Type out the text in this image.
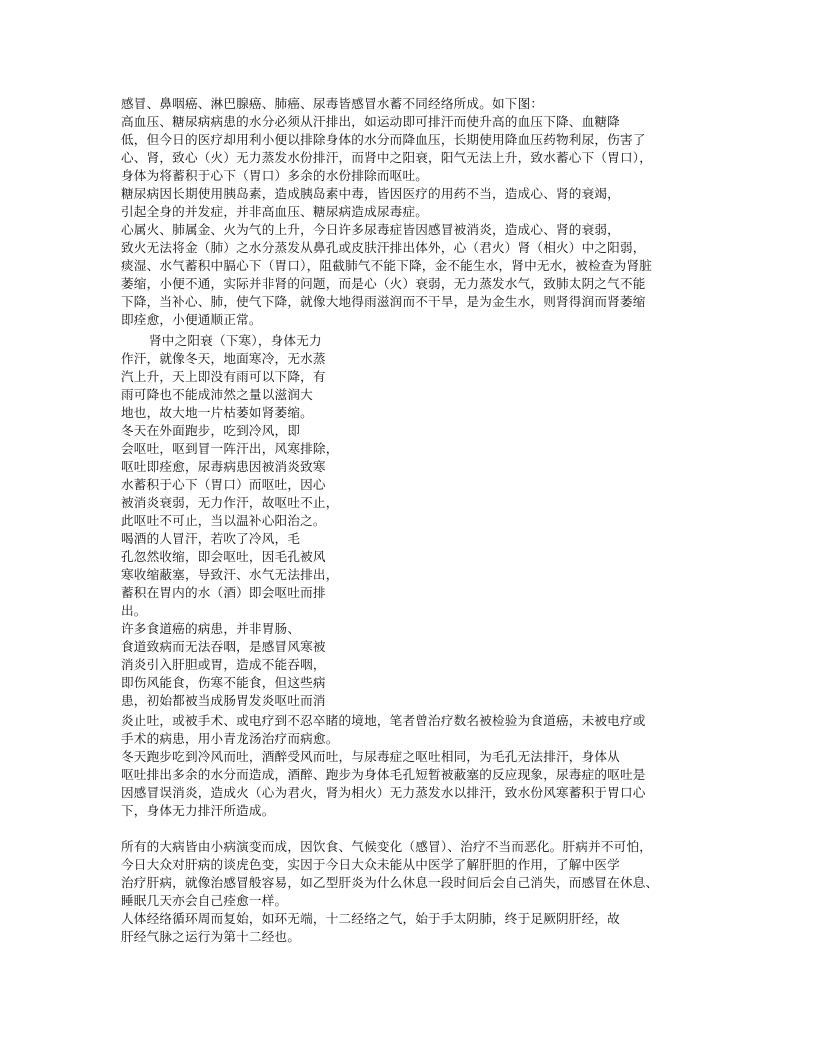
感冒、鼻咽癌、淋巴腺癌、肺癌、尿毒皆感冒水蓄不同经络所成。如下图：
高血压、糖尿病病患的水分必须从汗排出，如运动即可排汗而使升高的血压下降、血糖降
低，但今日的医疗却用利小便以排除身体的水分而降血压，长期使用降血压药物利尿，伤害了
心、肾，致心（火）无力蒸发水份排汗，而肾中之阳衰，阳气无法上升，致水蓄心下（胃口），
身体为将蓄积于心下（胃口）多余的水份排除而呕吐。
糖尿病因长期使用胰岛素，造成胰岛素中毒，皆因医疗的用药不当，造成心、肾的衰竭，
引起全身的并发症，并非高血压、糖尿病造成尿毒症。
心属火、肺属金、火为气的上升，今日许多尿毒症皆因感冒被消炎，造成心、肾的衰弱，
致火无法将金（肺）之水分蒸发从鼻孔或皮肤汗排出体外，心（君火）肾（相火）中之阳弱，
痰湿、水气蓄积中膈心下（胃口），阻截肺气不能下降，金不能生水，肾中无水，被检查为肾脏
萎缩，小便不通，实际并非肾的问题，而是心（火）衰弱，无力蒸发水气，致肺太阴之气不能
下降，当补心、肺，使气下降，就像大地得雨滋润而不干旱，是为金生水，则肾得润而肾萎缩
即痊愈，小便通顺正常。
肾中之阳衰（下寒），身体无力
作汗，就像冬天，地面寒冷，无水蒸
汽上升，天上即没有雨可以下降，有
雨可降也不能成沛然之量以滋润大
地也，故大地一片枯萎如肾萎缩。
冬天在外面跑步，吃到冷风，即
会呕吐，呕到冒一阵汗出，风寒排除，
呕吐即痊愈，尿毒病患因被消炎致寒
水蓄积于心下（胃口）而呕吐，因心
被消炎衰弱，无力作汗，故呕吐不止，
此呕吐不可止，当以温补心阳治之。
喝酒的人冒汗，若吹了冷风，毛
孔忽然收缩，即会呕吐，因毛孔被风
寒收缩蔽塞，导致汗、水气无法排出，
蓄积在胃内的水（酒）即会呕吐而排
出。
许多食道癌的病患，并非胃肠、
食道致病而无法吞咽，是感冒风寒被
消炎引入肝胆或胃，造成不能吞咽，
即伤风能食，伤寒不能食，但这些病
患，初始都被当成肠胃发炎呕吐而消
炎止吐，或被手术、或电疗到不忍卒睹的境地，笔者曾治疗数名被检验为食道癌，未被电疗或
手术的病患，用小青龙汤治疗而病愈。
冬天跑步吃到冷风而吐，酒醉受风而吐，与尿毒症之呕吐相同，为毛孔无法排汗，身体从
呕吐排出多余的水分而造成，酒醉、跑步为身体毛孔短暂被蔽塞的反应现象，尿毒症的呕吐是
因感冒误消炎，造成火（心为君火，肾为相火）无力蒸发水以排汗，致水份风寒蓄积于胃口心
下，身体无力排汗所造成。
所有的大病皆由小病演变而成，因饮食、气候变化（感冒）、治疗不当而恶化。肝病并不可怕，
今日大众对肝病的谈虎色变，实因于今日大众未能从中医学了解肝胆的作用，了解中医学
治疗肝病，就像治感冒般容易，如乙型肝炎为什么休息一段时间后会自己消失，而感冒在休息、
睡眠几天亦会自己痊愈一样。
人体经络循环周而复始，如环无端，十二经络之气，始于手太阴肺，终于足厥阴肝经，故
肝经气脉之运行为第十二经也。
